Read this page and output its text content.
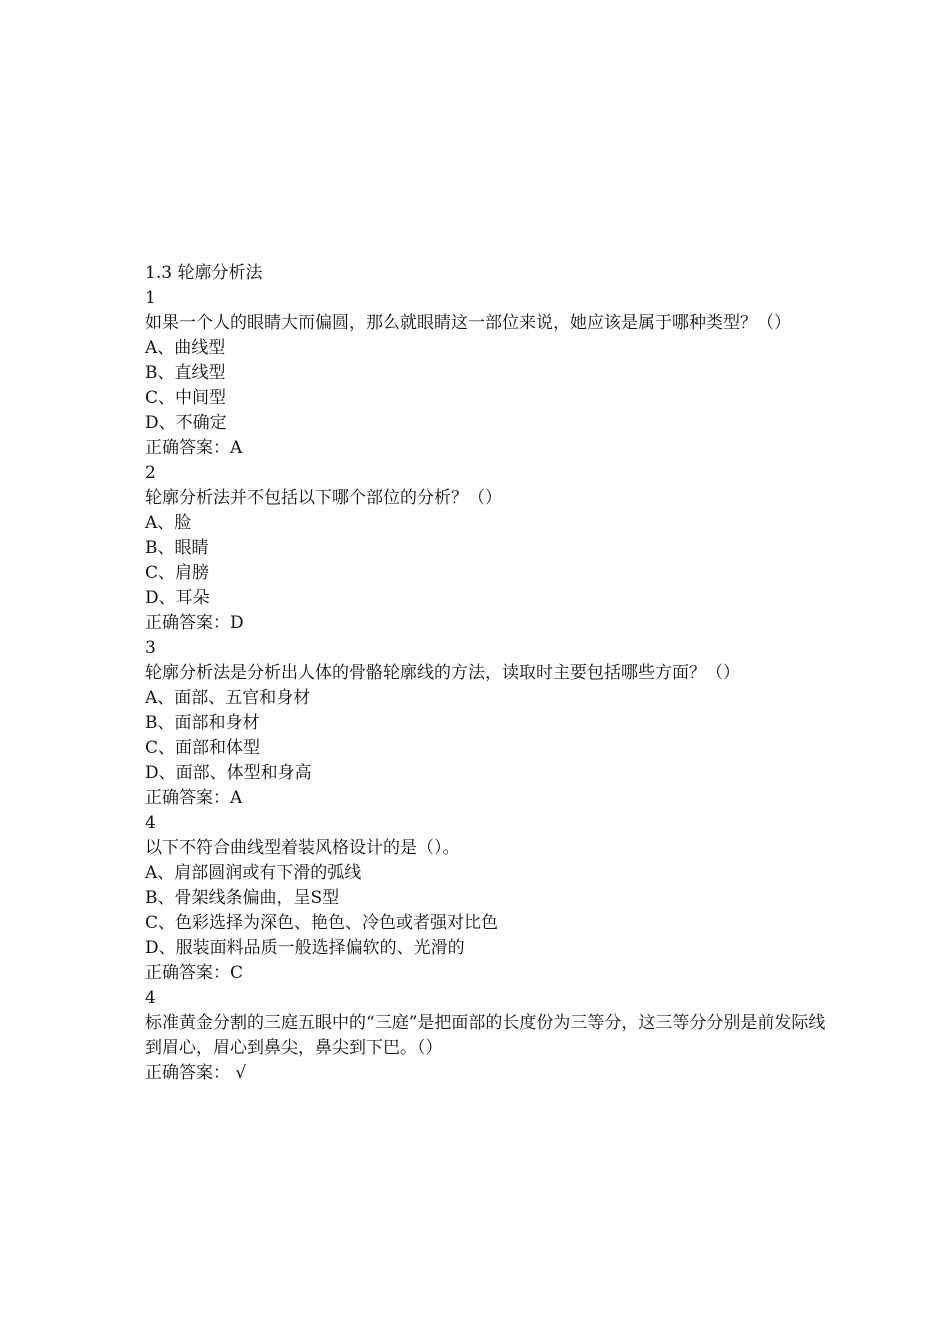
1.3 轮廓分析法
1
如果一个人的眼睛大而偏圆，那么就眼睛这一部位来说，她应该是属于哪种类型？（）
A、曲线型
B、直线型
C、中间型
D、不确定
正确答案：A
2
轮廓分析法并不包括以下哪个部位的分析？（）
A、脸
B、眼睛
C、肩膀
D、耳朵
正确答案：D
3
轮廓分析法是分析出人体的骨骼轮廓线的方法，读取时主要包括哪些方面？（）
A、面部、五官和身材
B、面部和身材
C、面部和体型
D、面部、体型和身高
正确答案：A
4
以下不符合曲线型着装风格设计的是（）。
A、肩部圆润或有下滑的弧线
B、骨架线条偏曲，呈S型
C、色彩选择为深色、艳色、冷色或者强对比色
D、服装面料品质一般选择偏软的、光滑的
正确答案：C
4
标准黄金分割的三庭五眼中的“三庭”是把面部的长度份为三等分，这三等分分别是前发际线到眉心，眉心到鼻尖，鼻尖到下巴。（）
正确答案： √
